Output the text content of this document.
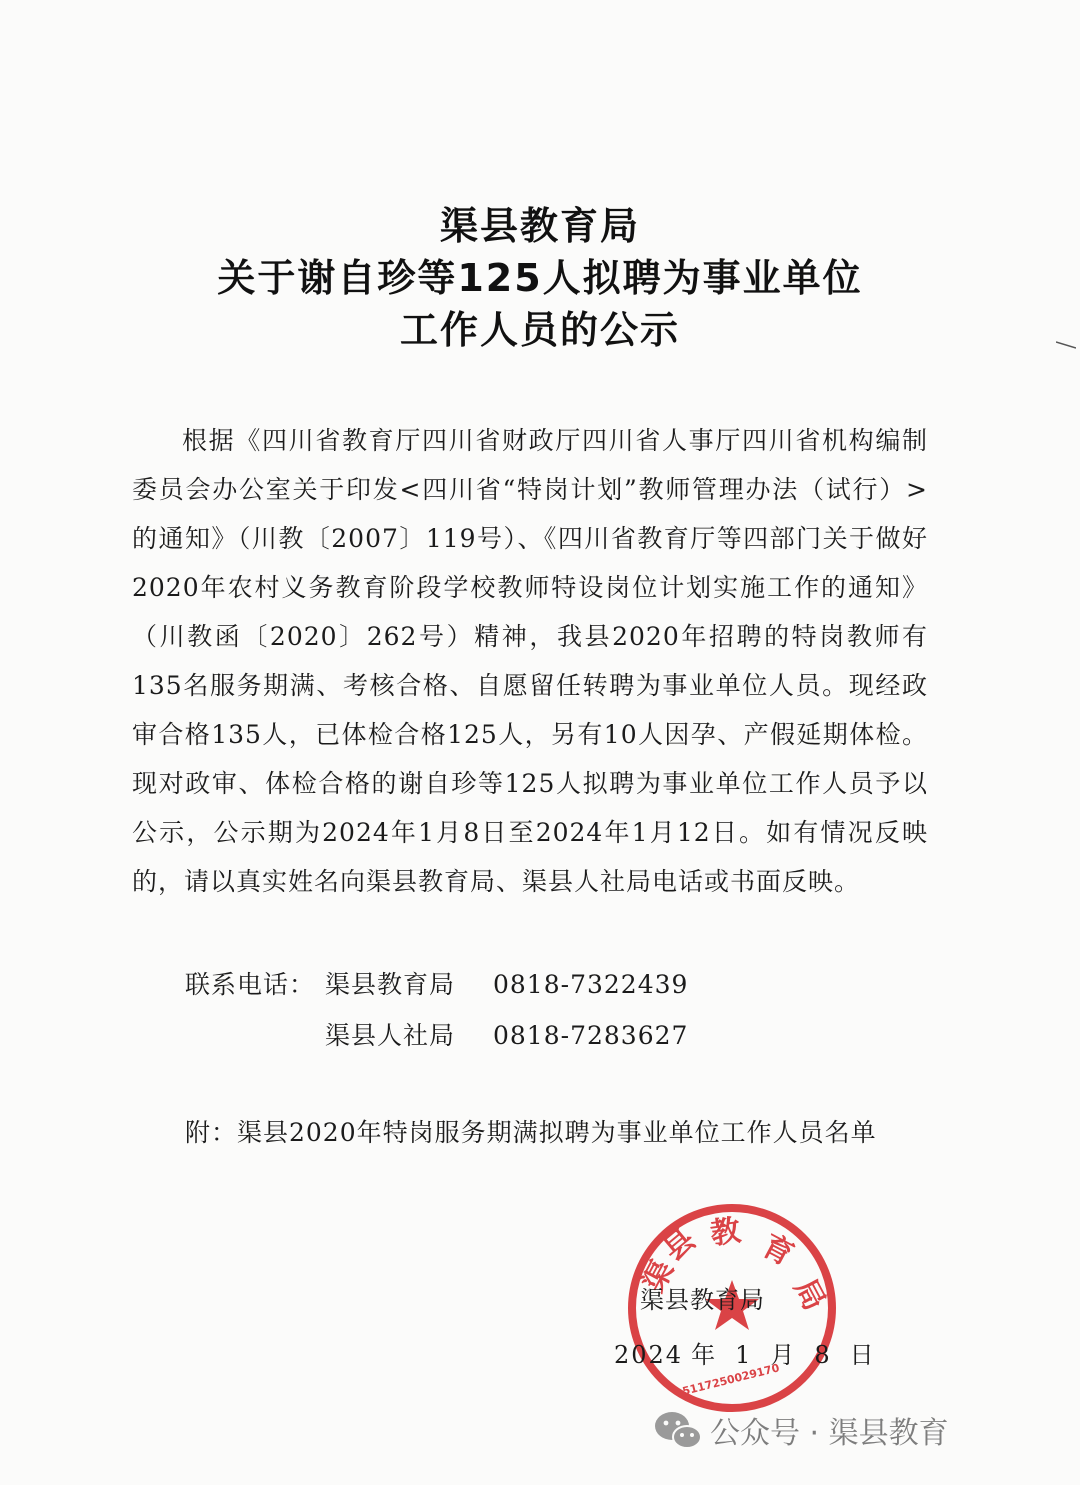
渠县教育局
关于谢自珍等125人拟聘为事业单位
工作人员的公示
根据《四川省教育厅四川省财政厅四川省人事厅四川省机构编制委员会办公室关于印发<四川省“特岗计划”教师管理办法（试行）>的通知》（川教〔2007〕119号）、《四川省教育厅等四部门关于做好2020年农村义务教育阶段学校教师特设岗位计划实施工作的通知》（川教函〔2020〕262号）精神，我县2020年招聘的特岗教师有135名服务期满、考核合格、自愿留任转聘为事业单位人员。现经政审合格135人，已体检合格125人，另有10人因孕、产假延期体检。现对政审、体检合格的谢自珍等125人拟聘为事业单位工作人员予以公示，公示期为2024年1月8日至2024年1月12日。如有情况反映的，请以真实姓名向渠县教育局、渠县人社局电话或书面反映。
联系电话： 渠县教育局 0818-7322439
渠县人社局 0818-7283627
附：渠县2020年特岗服务期满拟聘为事业单位工作人员名单
渠
县 教 育
局
5117250029170
渠县教育局
2024 年 1 月 8 日
公众号 · 渠县教育
